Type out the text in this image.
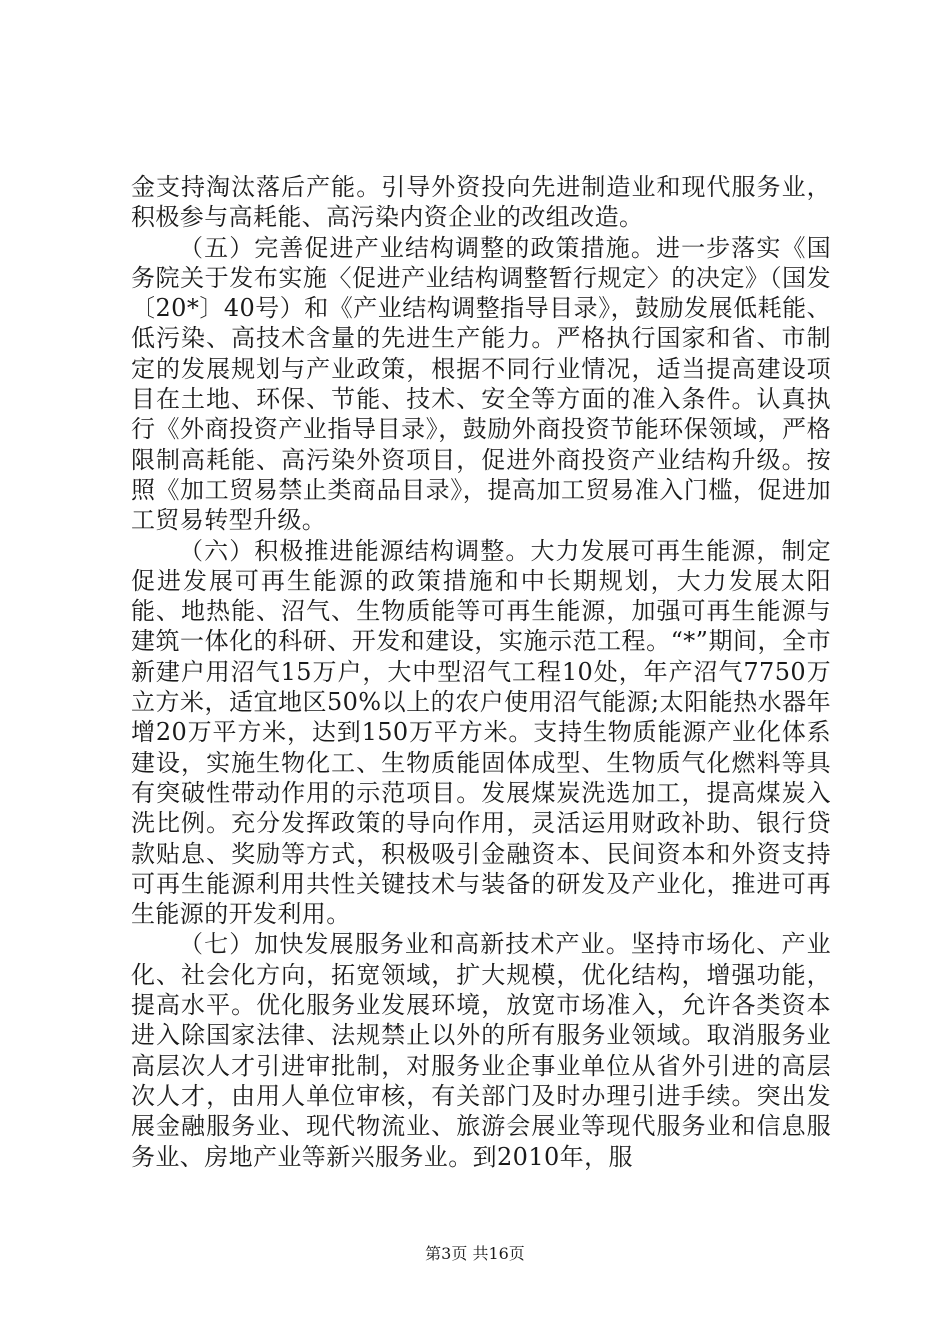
金支持淘汰落后产能。引导外资投向先进制造业和现代服务业，积极参与高耗能、高污染内资企业的改组改造。

（五）完善促进产业结构调整的政策措施。进一步落实《国务院关于发布实施〈促进产业结构调整暂行规定〉的决定》（国发〔20*〕40号）和《产业结构调整指导目录》，鼓励发展低耗能、低污染、高技术含量的先进生产能力。严格执行国家和省、市制定的发展规划与产业政策，根据不同行业情况，适当提高建设项目在土地、环保、节能、技术、安全等方面的准入条件。认真执行《外商投资产业指导目录》，鼓励外商投资节能环保领域，严格限制高耗能、高污染外资项目，促进外商投资产业结构升级。按照《加工贸易禁止类商品目录》，提高加工贸易准入门槛，促进加工贸易转型升级。

（六）积极推进能源结构调整。大力发展可再生能源，制定促进发展可再生能源的政策措施和中长期规划，大力发展太阳能、地热能、沼气、生物质能等可再生能源，加强可再生能源与建筑一体化的科研、开发和建设，实施示范工程。“*”期间，全市新建户用沼气15万户，大中型沼气工程10处，年产沼气7750万立方米，适宜地区50%以上的农户使用沼气能源;太阳能热水器年增20万平方米，达到150万平方米。支持生物质能源产业化体系建设，实施生物化工、生物质能固体成型、生物质气化燃料等具有突破性带动作用的示范项目。发展煤炭洗选加工，提高煤炭入洗比例。充分发挥政策的导向作用，灵活运用财政补助、银行贷款贴息、奖励等方式，积极吸引金融资本、民间资本和外资支持可再生能源利用共性关键技术与装备的研发及产业化，推进可再生能源的开发利用。

（七）加快发展服务业和高新技术产业。坚持市场化、产业化、社会化方向，拓宽领域，扩大规模，优化结构，增强功能，提高水平。优化服务业发展环境，放宽市场准入，允许各类资本进入除国家法律、法规禁止以外的所有服务业领域。取消服务业高层次人才引进审批制，对服务业企事业单位从省外引进的高层次人才，由用人单位审核，有关部门及时办理引进手续。突出发展金融服务业、现代物流业、旅游会展业等现代服务业和信息服务业、房地产业等新兴服务业。到2010年，服

第3页 共16页
